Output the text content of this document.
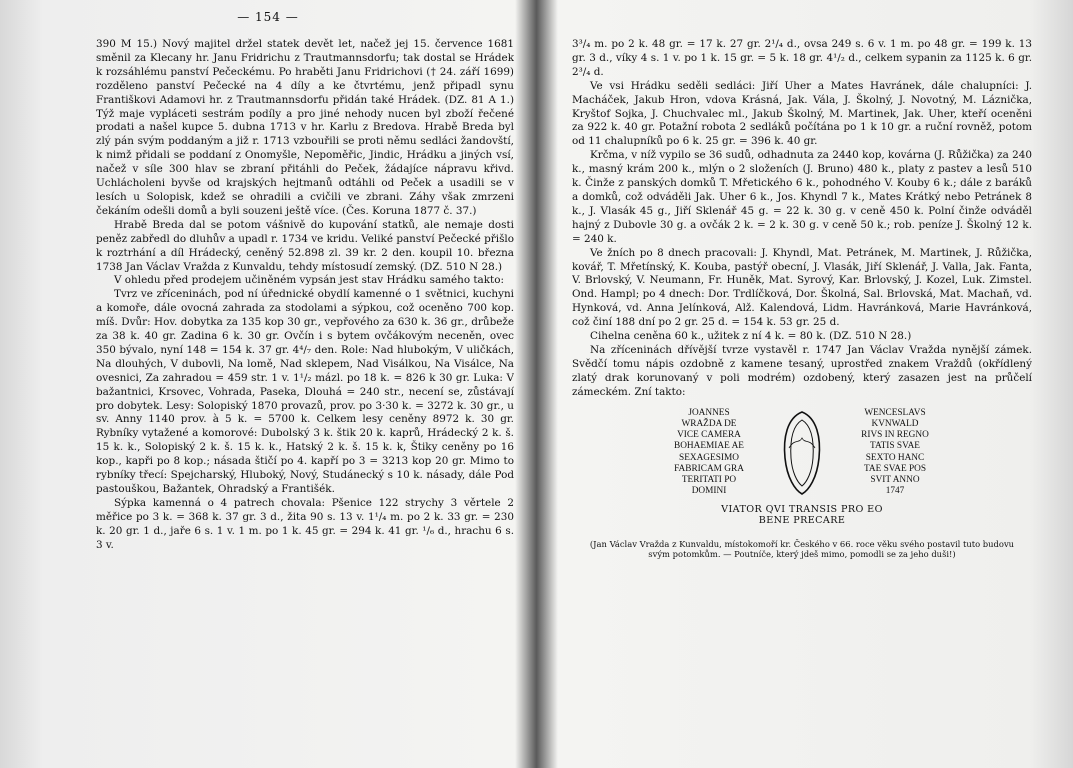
— 154 —

390 M 15.) Nový majitel držel statek devět let, načež jej 15. července 1681 směnil za Klecany hr. Janu Fridrichu z Trautmannsdorfu; tak dostal se Hrádek k rozsáhlému panství Pečeckému. Po hraběti Janu Fridrichovi († 24. září 1699) rozděleno panství Pečecké na 4 díly a ke čtvrtému, jenž připadl synu Františkovi Adamovi hr. z Trautmannsdorfu přidán také Hrádek. (DZ. 81 A 1.) Týž maje vypláceti sestrám podíly a pro jiné nehody nucen byl zboží řečené prodati a našel kupce 5. dubna 1713 v hr. Karlu z Bredova. Hrabě Breda byl zlý pán svým poddaným a již r. 1713 vzbouřili se proti němu sedláci žandovští, k nimž přidali se poddaní z Onomyšle, Nepoměřic, Jindic, Hrádku a jiných vsí, načež v síle 300 hlav se zbraní přitáhli do Peček, žádajíce nápravu křivd. Uchlácholeni byvše od krajských hejtmanů odtáhli od Peček a usadili se v lesích u Solopisk, kdež se ohradili a cvičili ve zbrani. Záhy však zmrzeni čekáním odešli domů a byli souzeni ještě více. (Čes. Koruna 1877 č. 37.)

Hrabě Breda dal se potom vášnivě do kupování statků, ale nemaje dosti peněz zabředl do dluhův a upadl r. 1734 ve kridu. Veliké panství Pečecké přišlo k roztrhání a díl Hrádecký, ceněný 52.898 zl. 39 kr. 2 den. koupil 10. března 1738 Jan Václav Vražda z Kunvaldu, tehdy místosudí zemský. (DZ. 510 N 28.)

V ohledu před prodejem učiněném vypsán jest stav Hrádku samého takto:

Tvrz ve zříceninách, pod ní úřednické obydlí kamenné o 1 světnici, kuchyni a komoře, dále ovocná zahrada za stodolami a sýpkou, což oceněno 700 kop. míš. Dvůr: Hov. dobytka za 135 kop 30 gr., vepřového za 630 k. 36 gr., drůbeže za 38 k. 40 gr. Zadina 6 k. 30 gr. Ovčín i s bytem ovčákovým neceněn, ovec 350 bývalo, nyní 148 = 154 k. 37 gr. 4⁴/₇ den. Role: Nad hlubokým, V uličkách, Na dlouhých, V dubovli, Na lomě, Nad sklepem, Nad Visálkou, Na Visálce, Na ovesnici, Za zahradou = 459 str. 1 v. 1¹/₂ mázl. po 18 k. = 826 k 30 gr. Luka: V bažantnici, Krsovec, Vohrada, Paseka, Dlouhá = 240 str., necení se, zůstávají pro dobytek. Lesy: Solopiský 1870 provazů, prov. po 3·30 k. = 3272 k. 30 gr., u sv. Anny 1140 prov. à 5 k. = 5700 k. Celkem lesy ceněny 8972 k. 30 gr. Rybníky vytažené a komorové: Dubolský 3 k. štik 20 k. kaprů, Hrádecký 2 k. š. 15 k. k., Solopiský 2 k. š. 15 k. k., Hatský 2 k. š. 15 k. k, Štiky ceněny po 16 kop., kapři po 8 kop.; násada štičí po 4. kapří po 3 = 3213 kop 20 gr. Mimo to rybníky třecí: Spejcharský, Hluboký, Nový, Studánecký s 10 k. násady, dále Pod pastouškou, Bažantek, Ohradský a Františék.

Sýpka kamenná o 4 patrech chovala: Pšenice 122 strychy 3 věrtele 2 měřice po 3 k. = 368 k. 37 gr. 3 d., žita 90 s. 13 v. 1¹/₄ m. po 2 k. 33 gr. = 230 k. 20 gr. 1 d., jaře 6 s. 1 v. 1 m. po 1 k. 45 gr. = 294 k. 41 gr. ¹/₆ d., hrachu 6 s. 3 v.

3³/₄ m. po 2 k. 48 gr. = 17 k. 27 gr. 2¹/₄ d., ovsa 249 s. 6 v. 1 m. po 48 gr. = 199 k. 13 gr. 3 d., víky 4 s. 1 v. po 1 k. 15 gr. = 5 k. 18 gr. 4¹/₂ d., celkem sypanin za 1125 k. 6 gr. 2³/₄ d.

Ve vsi Hrádku seděli sedláci: Jiří Uher a Mates Havránek, dále chalupníci: J. Macháček, Jakub Hron, vdova Krásná, Jak. Vála, J. Školný, J. Novotný, M. Láznička, Kryštof Sojka, J. Chuchvalec ml., Jakub Školný, M. Martinek, Jak. Uher, kteří oceněni za 922 k. 40 gr. Potažní robota 2 sedláků počítána po 1 k 10 gr. a ruční rovněž, potom od 11 chalupníků po 6 k. 25 gr. = 396 k. 40 gr.

Krčma, v níž vypilo se 36 sudů, odhadnuta za 2440 kop, kovárna (J. Růžička) za 240 k., masný krám 200 k., mlýn o 2 složeních (J. Bruno) 480 k., platy z pastev a lesů 510 k. Činže z panských domků T. Mřetického 6 k., pohodného V. Kouby 6 k.; dále z baráků a domků, což odváděli Jak. Uher 6 k., Jos. Khyndl 7 k., Mates Krátký nebo Petránek 8 k., J. Vlasák 45 g., Jiří Sklenář 45 g. = 22 k. 30 g. v ceně 450 k. Polní činže odváděl hajný z Dubovle 30 g. a ovčák 2 k. = 2 k. 30 g. v ceně 50 k.; rob. peníze J. Školný 12 k. = 240 k.

Ve žních po 8 dnech pracovali: J. Khyndl, Mat. Petránek, M. Martinek, J. Růžička, kovář, T. Mřetínský, K. Kouba, pastýř obecní, J. Vlasák, Jiří Sklenář, J. Valla, Jak. Fanta, V. Brlovský, V. Neumann, Fr. Huněk, Mat. Syrový, Kar. Brlovský, J. Kozel, Luk. Zimstel. Ond. Hampl; po 4 dnech: Dor. Trdlíčková, Dor. Školná, Sal. Brlovská, Mat. Machaň, vd. Hynková, vd. Anna Jelínková, Alž. Kalendová, Lidm. Havránková, Marie Havránková, což činí 188 dní po 2 gr. 25 d. = 154 k. 53 gr. 25 d.

Cihelna ceněna 60 k., užitek z ní 4 k. = 80 k. (DZ. 510 N 28.)

Na zříceninách dřívější tvrze vystavěl r. 1747 Jan Václav Vražda nynější zámek. Svědčí tomu nápis ozdobně z kamene tesaný, uprostřed znakem Vraždů (okřídlený zlatý drak korunovaný v poli modrém) ozdobený, který zasazen jest na průčelí zámeckém. Zní takto:

JOANNES
WRAŽDA DE
VICE CAMERA
BOHAEMIAE AE
SEXAGESIMO
FABRICAM GRA
TERITATI PO
DOMINI
WENCESLAVS
KVNWALD
RIVS IN REGNO
TATIS SVAE
SEXTO HANC
TAE SVAE POS
SVIT ANNO
1747
VIATOR QVI TRANSIS PRO EO
BENE PRECARE
(Jan Václav Vražda z Kunvaldu, místokomoří kr. Českého v 66. roce věku svého postavil tuto budovu svým potomkům. — Poutníče, který jdeš mimo, pomodli se za jeho duši!)
